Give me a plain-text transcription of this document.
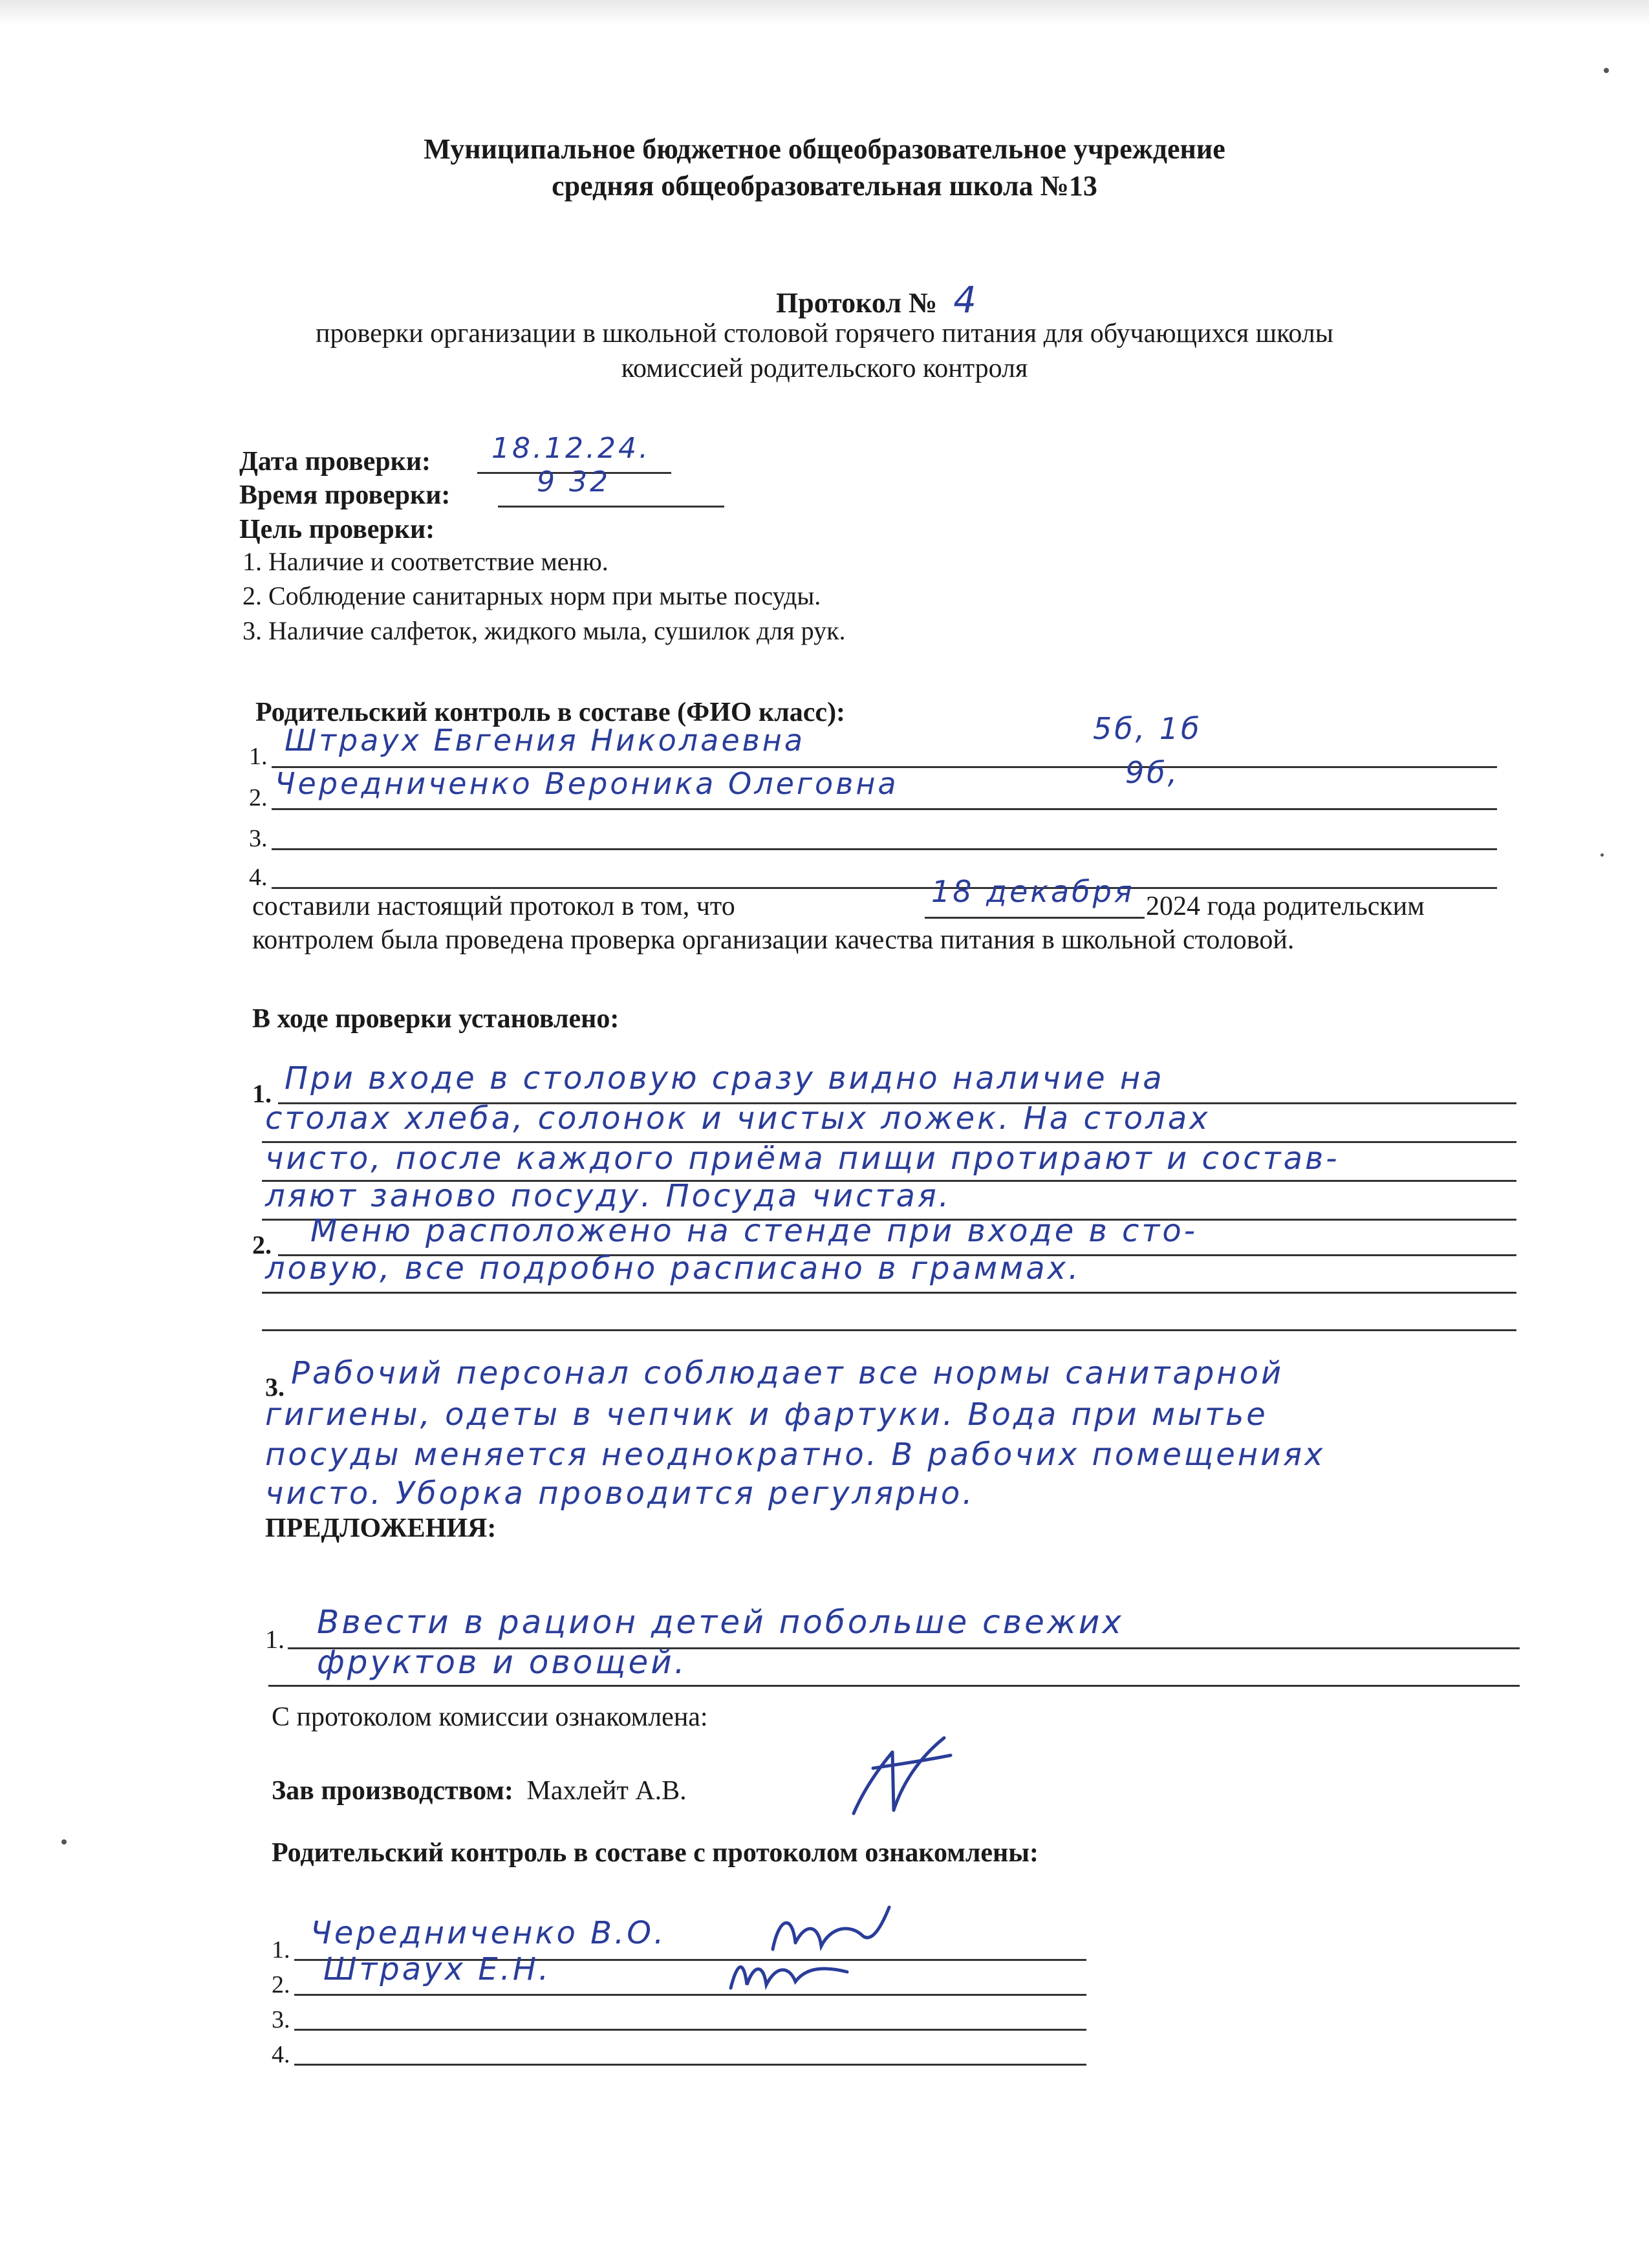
Муниципальное бюджетное общеобразовательное учреждение
средняя общеобразовательная школа №13
Протокол № 4
проверки организации в школьной столовой горячего питания для обучающихся школы
комиссией родительского контроля
Дата проверки: 18.12.24.
Время проверки:	9 32
Цель проверки:
1. Наличие и соответствие меню.
2. Соблюдение санитарных норм при мытье посуды.
3. Наличие салфеток, жидкого мыла, сушилок для рук.
Родительский контроль в составе (ФИО класс):
1. Штраух Евгения Николаевна	5б, 1б
2. Чередниченко Вероника Олеговна	9б,
3.
4.
составили настоящий протокол в том, что	18 декабря 2024 года родительским
контролем была проведена проверка организации качества питания в школьной столовой.
В ходе проверки установлено:
1. При входе в столовую сразу видно наличие на
столах хлеба, солонок и чистых ложек. На столах
чисто, после каждого приёма пищи протирают и состав-
ляют заново посуду. Посуда чистая.
2. Меню расположено на стенде при входе в сто-
ловую, все подробно расписано в граммах.
3. Рабочий персонал соблюдает все нормы санитарной
гигиены, одеты в чепчик и фартуки. Вода при мытье
посуды меняется неоднократно. В рабочих помещениях
чисто. Уборка проводится регулярно.
ПРЕДЛОЖЕНИЯ:
1. Ввести в рацион детей побольше свежих
фруктов и овощей.
С протоколом комиссии ознакомлена:
Зав производством: Махлейт А.В.
Родительский контроль в составе с протоколом ознакомлены:
1. Чередниченко В.О.
2. Штраух Е.Н.
3.
4.
